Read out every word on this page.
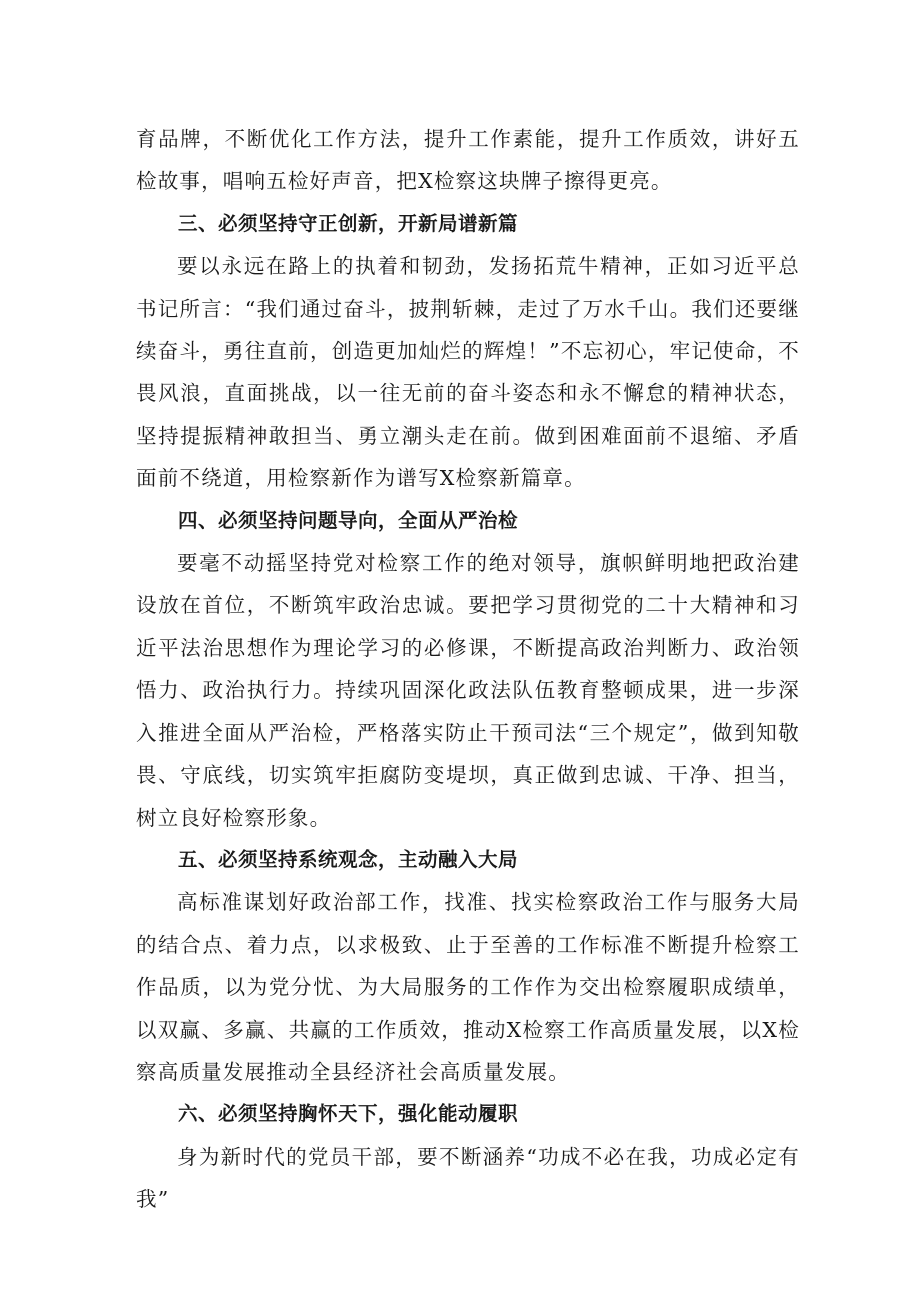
育品牌，不断优化工作方法，提升工作素能，提升工作质效，讲好五检故事，唱响五检好声音，把X检察这块牌子擦得更亮。

三、必须坚持守正创新，开新局谱新篇

要以永远在路上的执着和韧劲，发扬拓荒牛精神，正如习近平总书记所言：“我们通过奋斗，披荆斩棘，走过了万水千山。我们还要继续奋斗，勇往直前，创造更加灿烂的辉煌！”不忘初心，牢记使命，不畏风浪，直面挑战，以一往无前的奋斗姿态和永不懈怠的精神状态，坚持提振精神敢担当、勇立潮头走在前。做到困难面前不退缩、矛盾面前不绕道，用检察新作为谱写X检察新篇章。

四、必须坚持问题导向，全面从严治检

要毫不动摇坚持党对检察工作的绝对领导，旗帜鲜明地把政治建设放在首位，不断筑牢政治忠诚。要把学习贯彻党的二十大精神和习近平法治思想作为理论学习的必修课，不断提高政治判断力、政治领悟力、政治执行力。持续巩固深化政法队伍教育整顿成果，进一步深入推进全面从严治检，严格落实防止干预司法“三个规定”，做到知敬畏、守底线，切实筑牢拒腐防变堤坝，真正做到忠诚、干净、担当，树立良好检察形象。

五、必须坚持系统观念，主动融入大局

高标准谋划好政治部工作，找准、找实检察政治工作与服务大局的结合点、着力点，以求极致、止于至善的工作标准不断提升检察工作品质，以为党分忧、为大局服务的工作作为交出检察履职成绩单，以双赢、多赢、共赢的工作质效，推动X检察工作高质量发展，以X检察高质量发展推动全县经济社会高质量发展。

六、必须坚持胸怀天下，强化能动履职

身为新时代的党员干部，要不断涵养“功成不必在我，功成必定有我”
